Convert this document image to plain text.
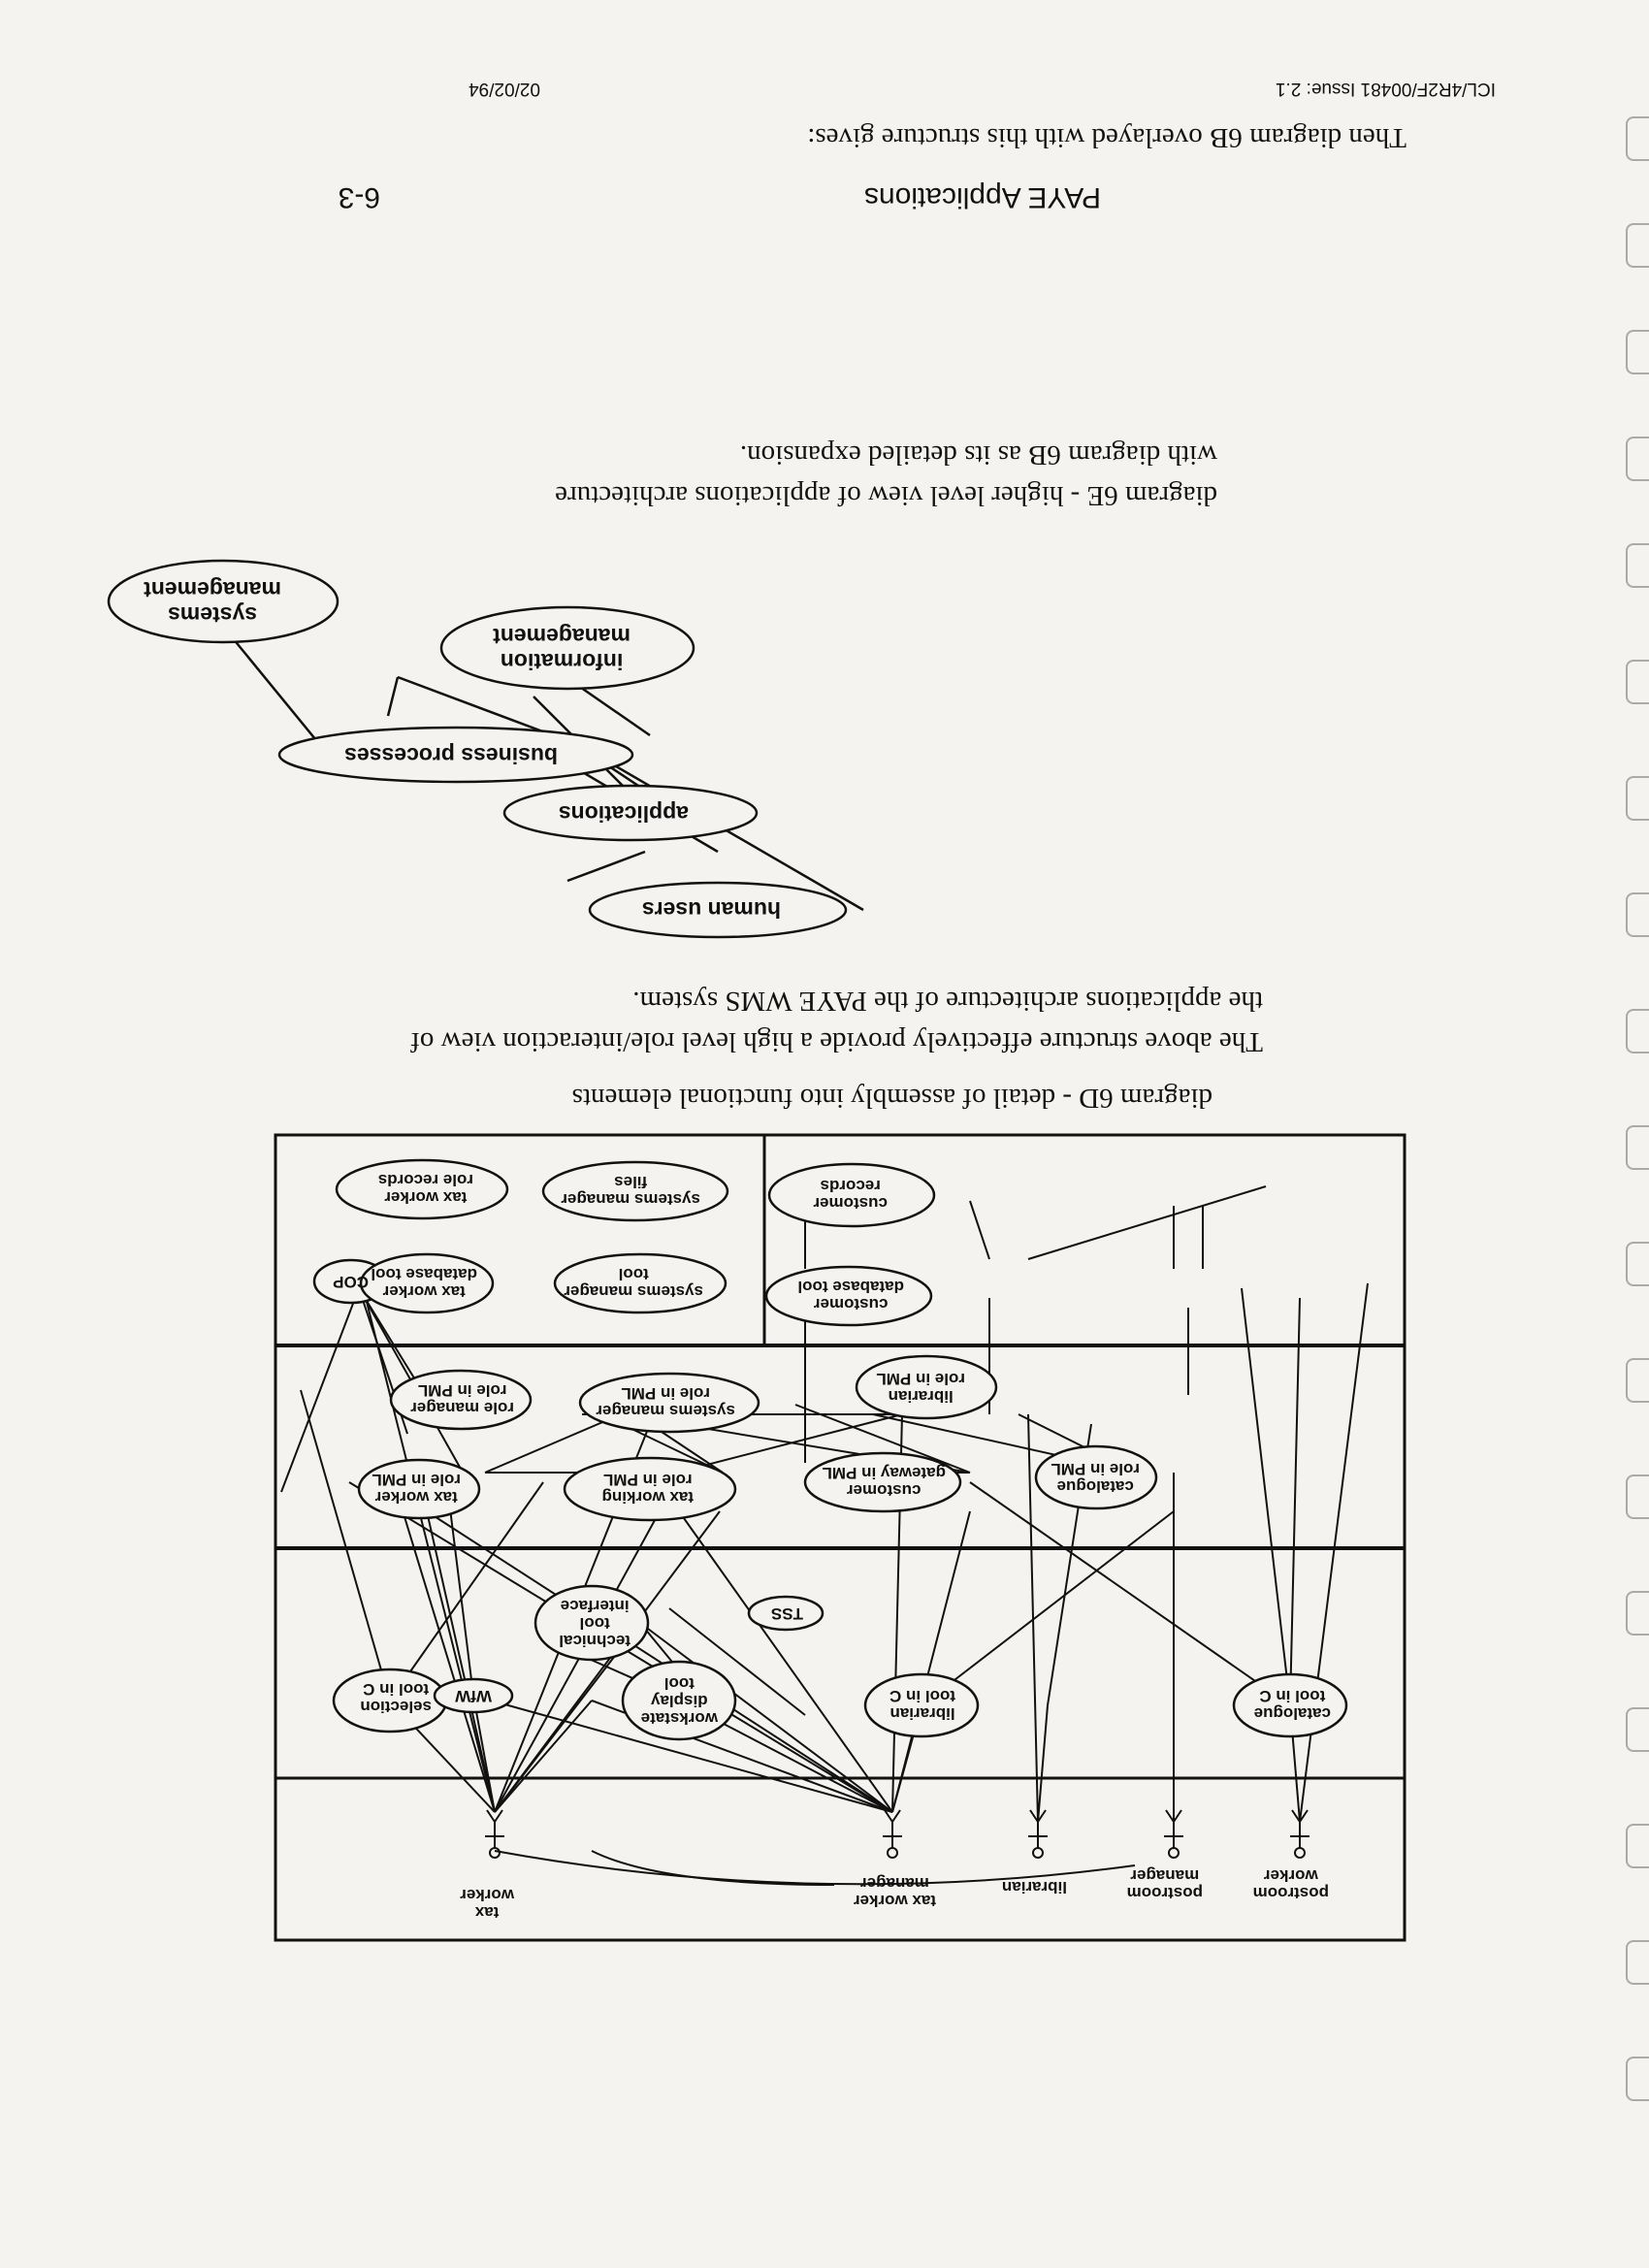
PAYE Applications
6-3
Then diagram 6B overlayed with this structure gives:
diagram 6D - detail of assembly into functional elements
The above structure effectively provide a high level role/interaction view of
the applications architecture of the PAYE WMS system.
diagram 6E - higher level view of applications architecture
with diagram 6B as its detailed expansion.
02/02/94	ICL/4R2F/00481 Issue: 2.1
postroom
worker
postroom
manager
librarian
tax worker
manager
tax
worker
selection
tool in C WfW
workstate
display
tool
librarian
tool in C
catalogue
tool in C
technical
tool
interface	TSS
tax worker
role in PML
tax working
role in PML
customer
gateway in PML
catalogue
role in PML
role manager
role in PML
systems manager
role in PML	librarian
role in PML
COP
tax worker
database tool
systems manager
tool
customer
database tool
tax worker
role records
systems manager
files
customer
records
human users
applications
business processes
information
management
systems
management
